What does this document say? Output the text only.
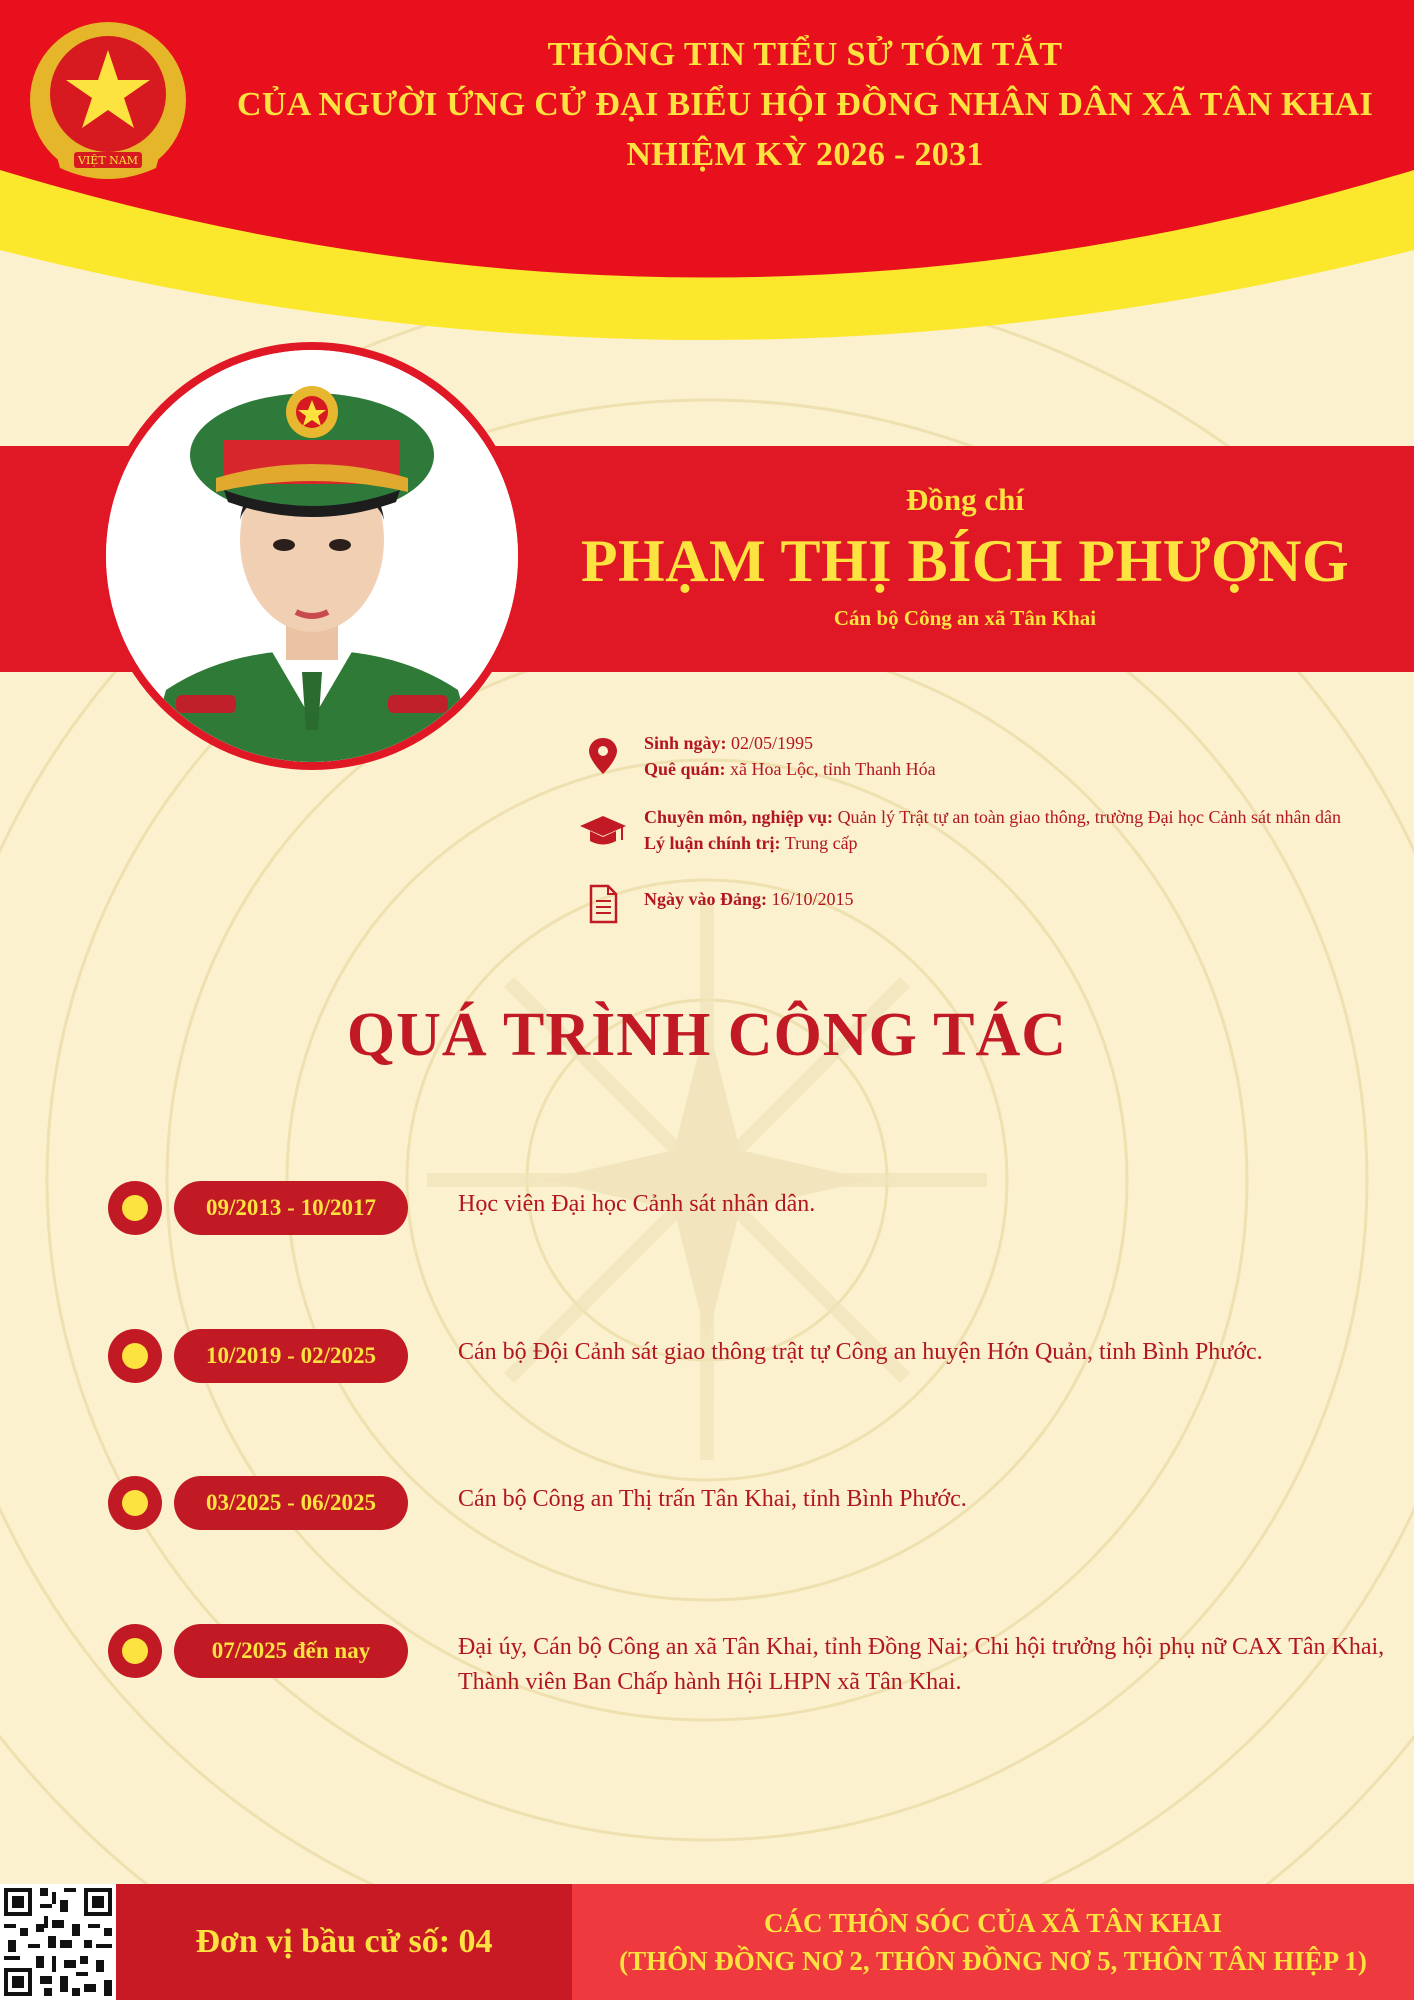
VIỆT NAM
THÔNG TIN TIỂU SỬ TÓM TẮT
CỦA NGƯỜI ỨNG CỬ ĐẠI BIỂU HỘI ĐỒNG NHÂN DÂN XÃ TÂN KHAI
NHIỆM KỲ 2026 - 2031
Đồng chí
PHẠM THỊ BÍCH PHƯỢNG
Cán bộ Công an xã Tân Khai
Sinh ngày: 02/05/1995
Quê quán: xã Hoa Lộc, tỉnh Thanh Hóa
Chuyên môn, nghiệp vụ: Quản lý Trật tự an toàn giao thông, trường Đại học Cảnh sát nhân dân
Lý luận chính trị: Trung cấp
Ngày vào Đảng: 16/10/2015
QUÁ TRÌNH CÔNG TÁC
09/2013 - 10/2017	Học viên Đại học Cảnh sát nhân dân.
10/2019 - 02/2025	Cán bộ Đội Cảnh sát giao thông trật tự Công an huyện Hớn Quản, tỉnh Bình Phước.
03/2025 - 06/2025	Cán bộ Công an Thị trấn Tân Khai, tỉnh Bình Phước.
07/2025 đến nay	Đại úy, Cán bộ Công an xã Tân Khai, tỉnh Đồng Nai; Chi hội trưởng hội phụ nữ CAX Tân Khai, Thành viên Ban Chấp hành Hội LHPN xã Tân Khai.
Đơn vị bầu cử số: 04	CÁC THÔN SÓC CỦA XÃ TÂN KHAI
(THÔN ĐỒNG NƠ 2, THÔN ĐỒNG NƠ 5, THÔN TÂN HIỆP 1)
